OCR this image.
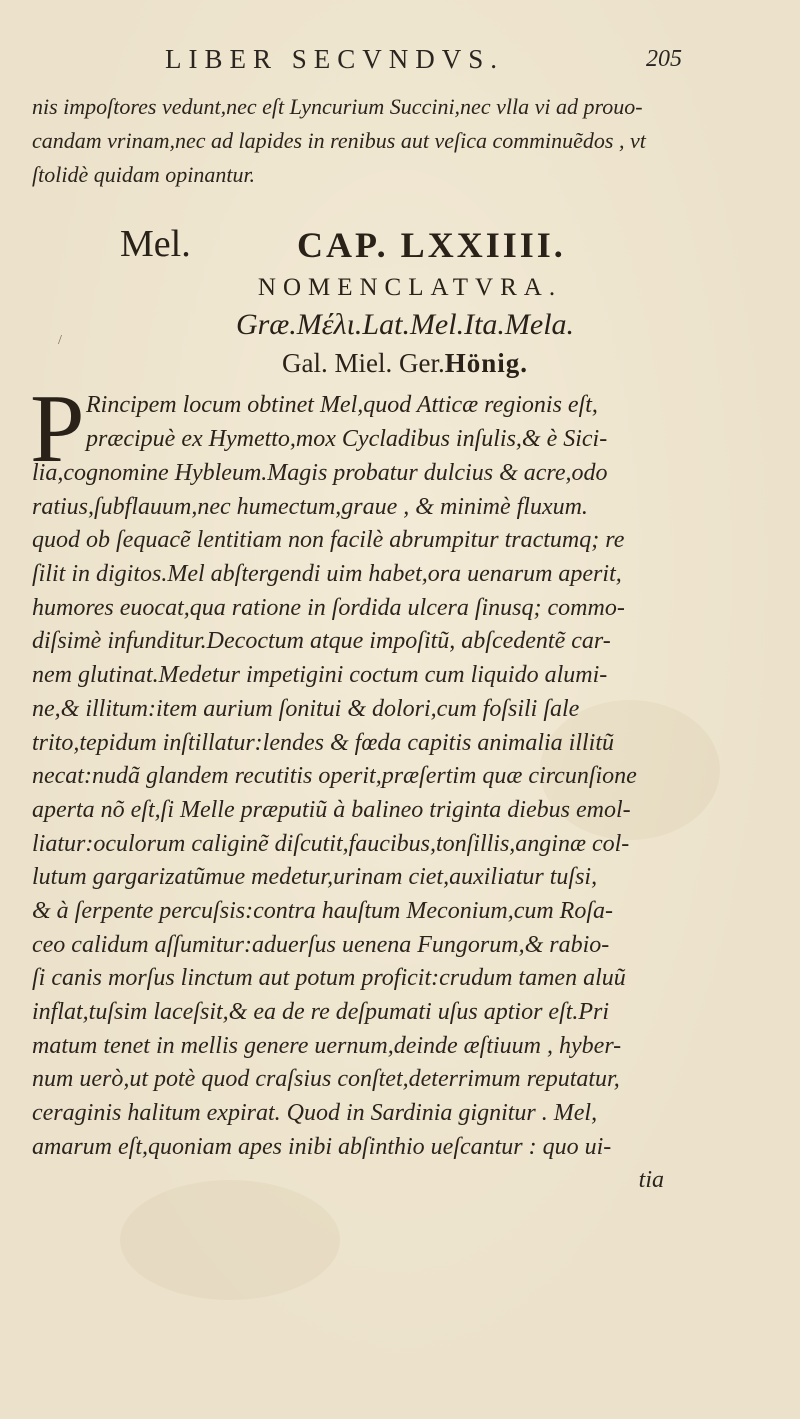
LIBER SECVNDVS.	205
nis impoſtores vedunt,nec eſt Lyncurium Succini,nec vlla vi ad prouo-
candam vrinam,nec ad lapides in renibus aut veſica comminuẽdos , vt
ſtolidè quidam opinantur.
Mel.	CAP. LXXIIII.
NOMENCLATVRA.
/	Græ.Μέλι.Lat.Mel.Ita.Mela.
Gal. Miel. Ger.Hönig.
P Rincipem locum obtinet Mel,quod Atticæ regionis eſt,
præcipuè ex Hymetto,mox Cycladibus inſulis,& è Sici-
lia,cognomine Hybleum.Magis probatur dulcius & acre,odo
ratius,ſubflauum,nec humectum,graue , & minimè fluxum.
quod ob ſequacẽ lentitiam non facilè abrumpitur tractumq; re
ſilit in digitos.Mel abſtergendi uim habet,ora uenarum aperit,
humores euocat,qua ratione in ſordida ulcera ſinusq; commo-
diſsimè infunditur.Decoctum atque impoſitũ, abſcedentẽ car-
nem glutinat.Medetur impetigini coctum cum liquido alumi-
ne,& illitum:item aurium ſonitui & dolori,cum foſsili ſale
trito,tepidum inſtillatur:lendes & fœda capitis animalia illitũ
necat:nudã glandem recutitis operit,præſertim quæ circunſione
aperta nõ eſt,ſi Melle præputiũ à balineo triginta diebus emol-
liatur:oculorum caliginẽ diſcutit,faucibus,tonſillis,anginæ col-
lutum gargarizatũmue medetur,urinam ciet,auxiliatur tuſsi,
& à ſerpente percuſsis:contra hauſtum Meconium,cum Roſa-
ceo calidum aſſumitur:aduerſus uenena Fungorum,& rabio-
ſi canis morſus linctum aut potum proficit:crudum tamen aluũ
inflat,tuſsim laceſsit,& ea de re deſpumati uſus aptior eſt.Pri
matum tenet in mellis genere uernum,deinde æſtiuum , hyber-
num uerò,ut potè quod craſsius conſtet,deterrimum reputatur,
ceraginis halitum expirat. Quod in Sardinia gignitur . Mel,
amarum eſt,quoniam apes inibi abſinthio ueſcantur : quo ui-
tia
